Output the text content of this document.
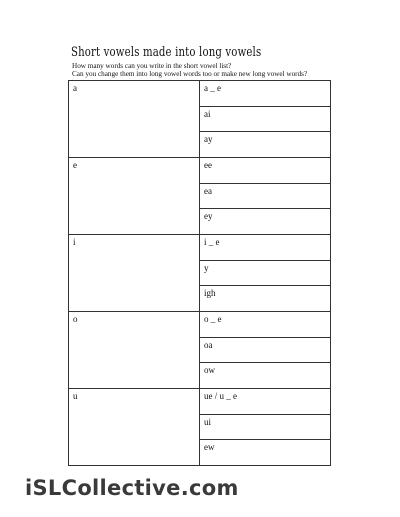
Short vowels made into long vowels
How many words can you write in the short vowel list?
Can you change them into long vowel words too or make new long vowel words?
a	a _ e
ai
ay
e	ee
ea
ey
i	i _ e
y
igh
o	o _ e
oa
ow
u	ue / u _ e
ui
ew
iSLCollective.com
